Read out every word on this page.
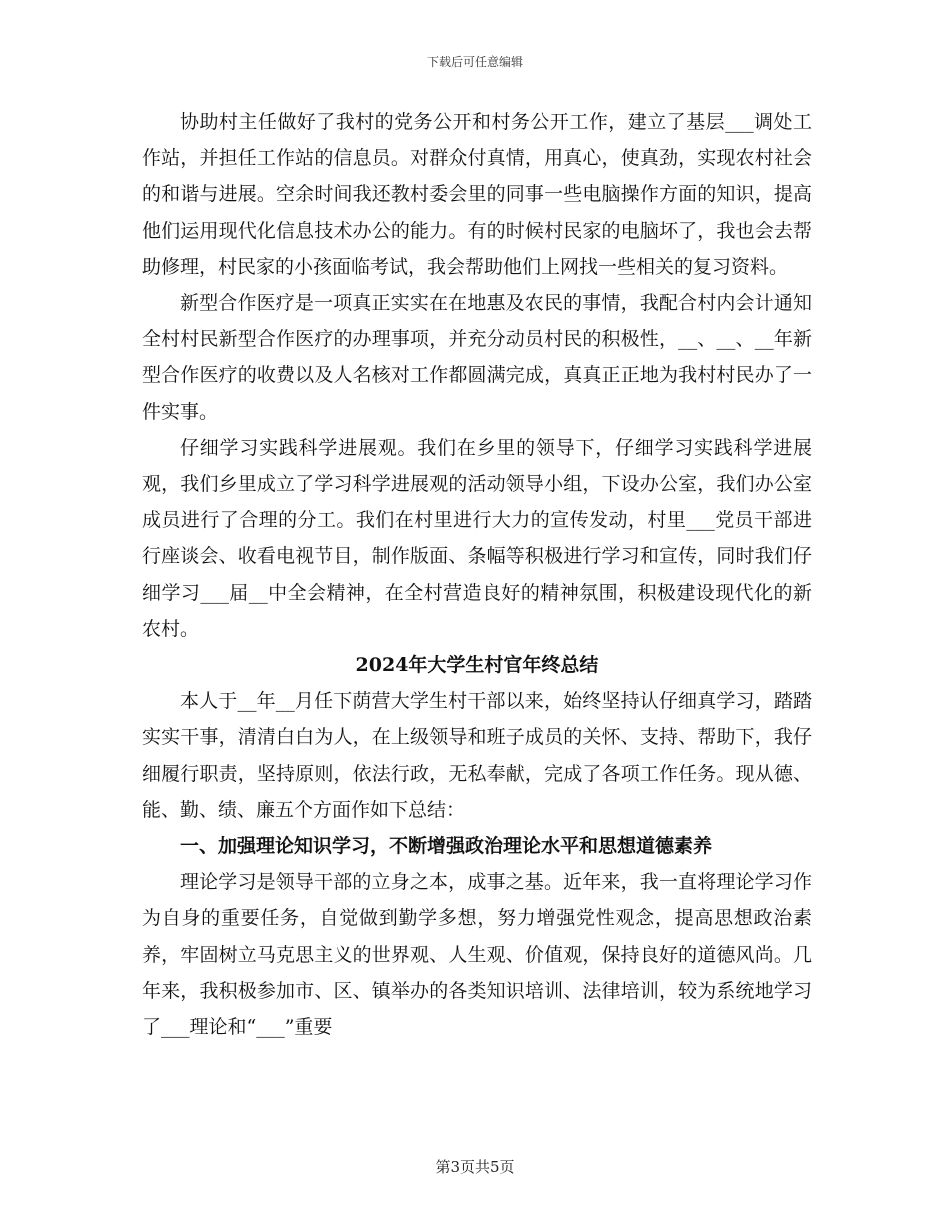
下载后可任意编辑

协助村主任做好了我村的党务公开和村务公开工作，建立了基层___调处工作站，并担任工作站的信息员。对群众付真情，用真心，使真劲，实现农村社会的和谐与进展。空余时间我还教村委会里的同事一些电脑操作方面的知识，提高他们运用现代化信息技术办公的能力。有的时候村民家的电脑坏了，我也会去帮助修理，村民家的小孩面临考试，我会帮助他们上网找一些相关的复习资料。

新型合作医疗是一项真正实实在在地惠及农民的事情，我配合村内会计通知全村村民新型合作医疗的办理事项，并充分动员村民的积极性，__、__、__年新型合作医疗的收费以及人名核对工作都圆满完成，真真正正地为我村村民办了一件实事。

仔细学习实践科学进展观。我们在乡里的领导下，仔细学习实践科学进展观，我们乡里成立了学习科学进展观的活动领导小组，下设办公室，我们办公室成员进行了合理的分工。我们在村里进行大力的宣传发动，村里___党员干部进行座谈会、收看电视节目，制作版面、条幅等积极进行学习和宣传，同时我们仔细学习___届__中全会精神，在全村营造良好的精神氛围，积极建设现代化的新农村。

2024年大学生村官年终总结

本人于__年__月任下荫营大学生村干部以来，始终坚持认仔细真学习，踏踏实实干事，清清白白为人，在上级领导和班子成员的关怀、支持、帮助下，我仔细履行职责，坚持原则，依法行政，无私奉献，完成了各项工作任务。现从德、能、勤、绩、廉五个方面作如下总结：

一、加强理论知识学习，不断增强政治理论水平和思想道德素养

理论学习是领导干部的立身之本，成事之基。近年来，我一直将理论学习作为自身的重要任务，自觉做到勤学多想，努力增强党性观念，提高思想政治素养，牢固树立马克思主义的世界观、人生观、价值观，保持良好的道德风尚。几年来，我积极参加市、区、镇举办的各类知识培训、法律培训，较为系统地学习了___理论和“___”重要

第3页共5页
